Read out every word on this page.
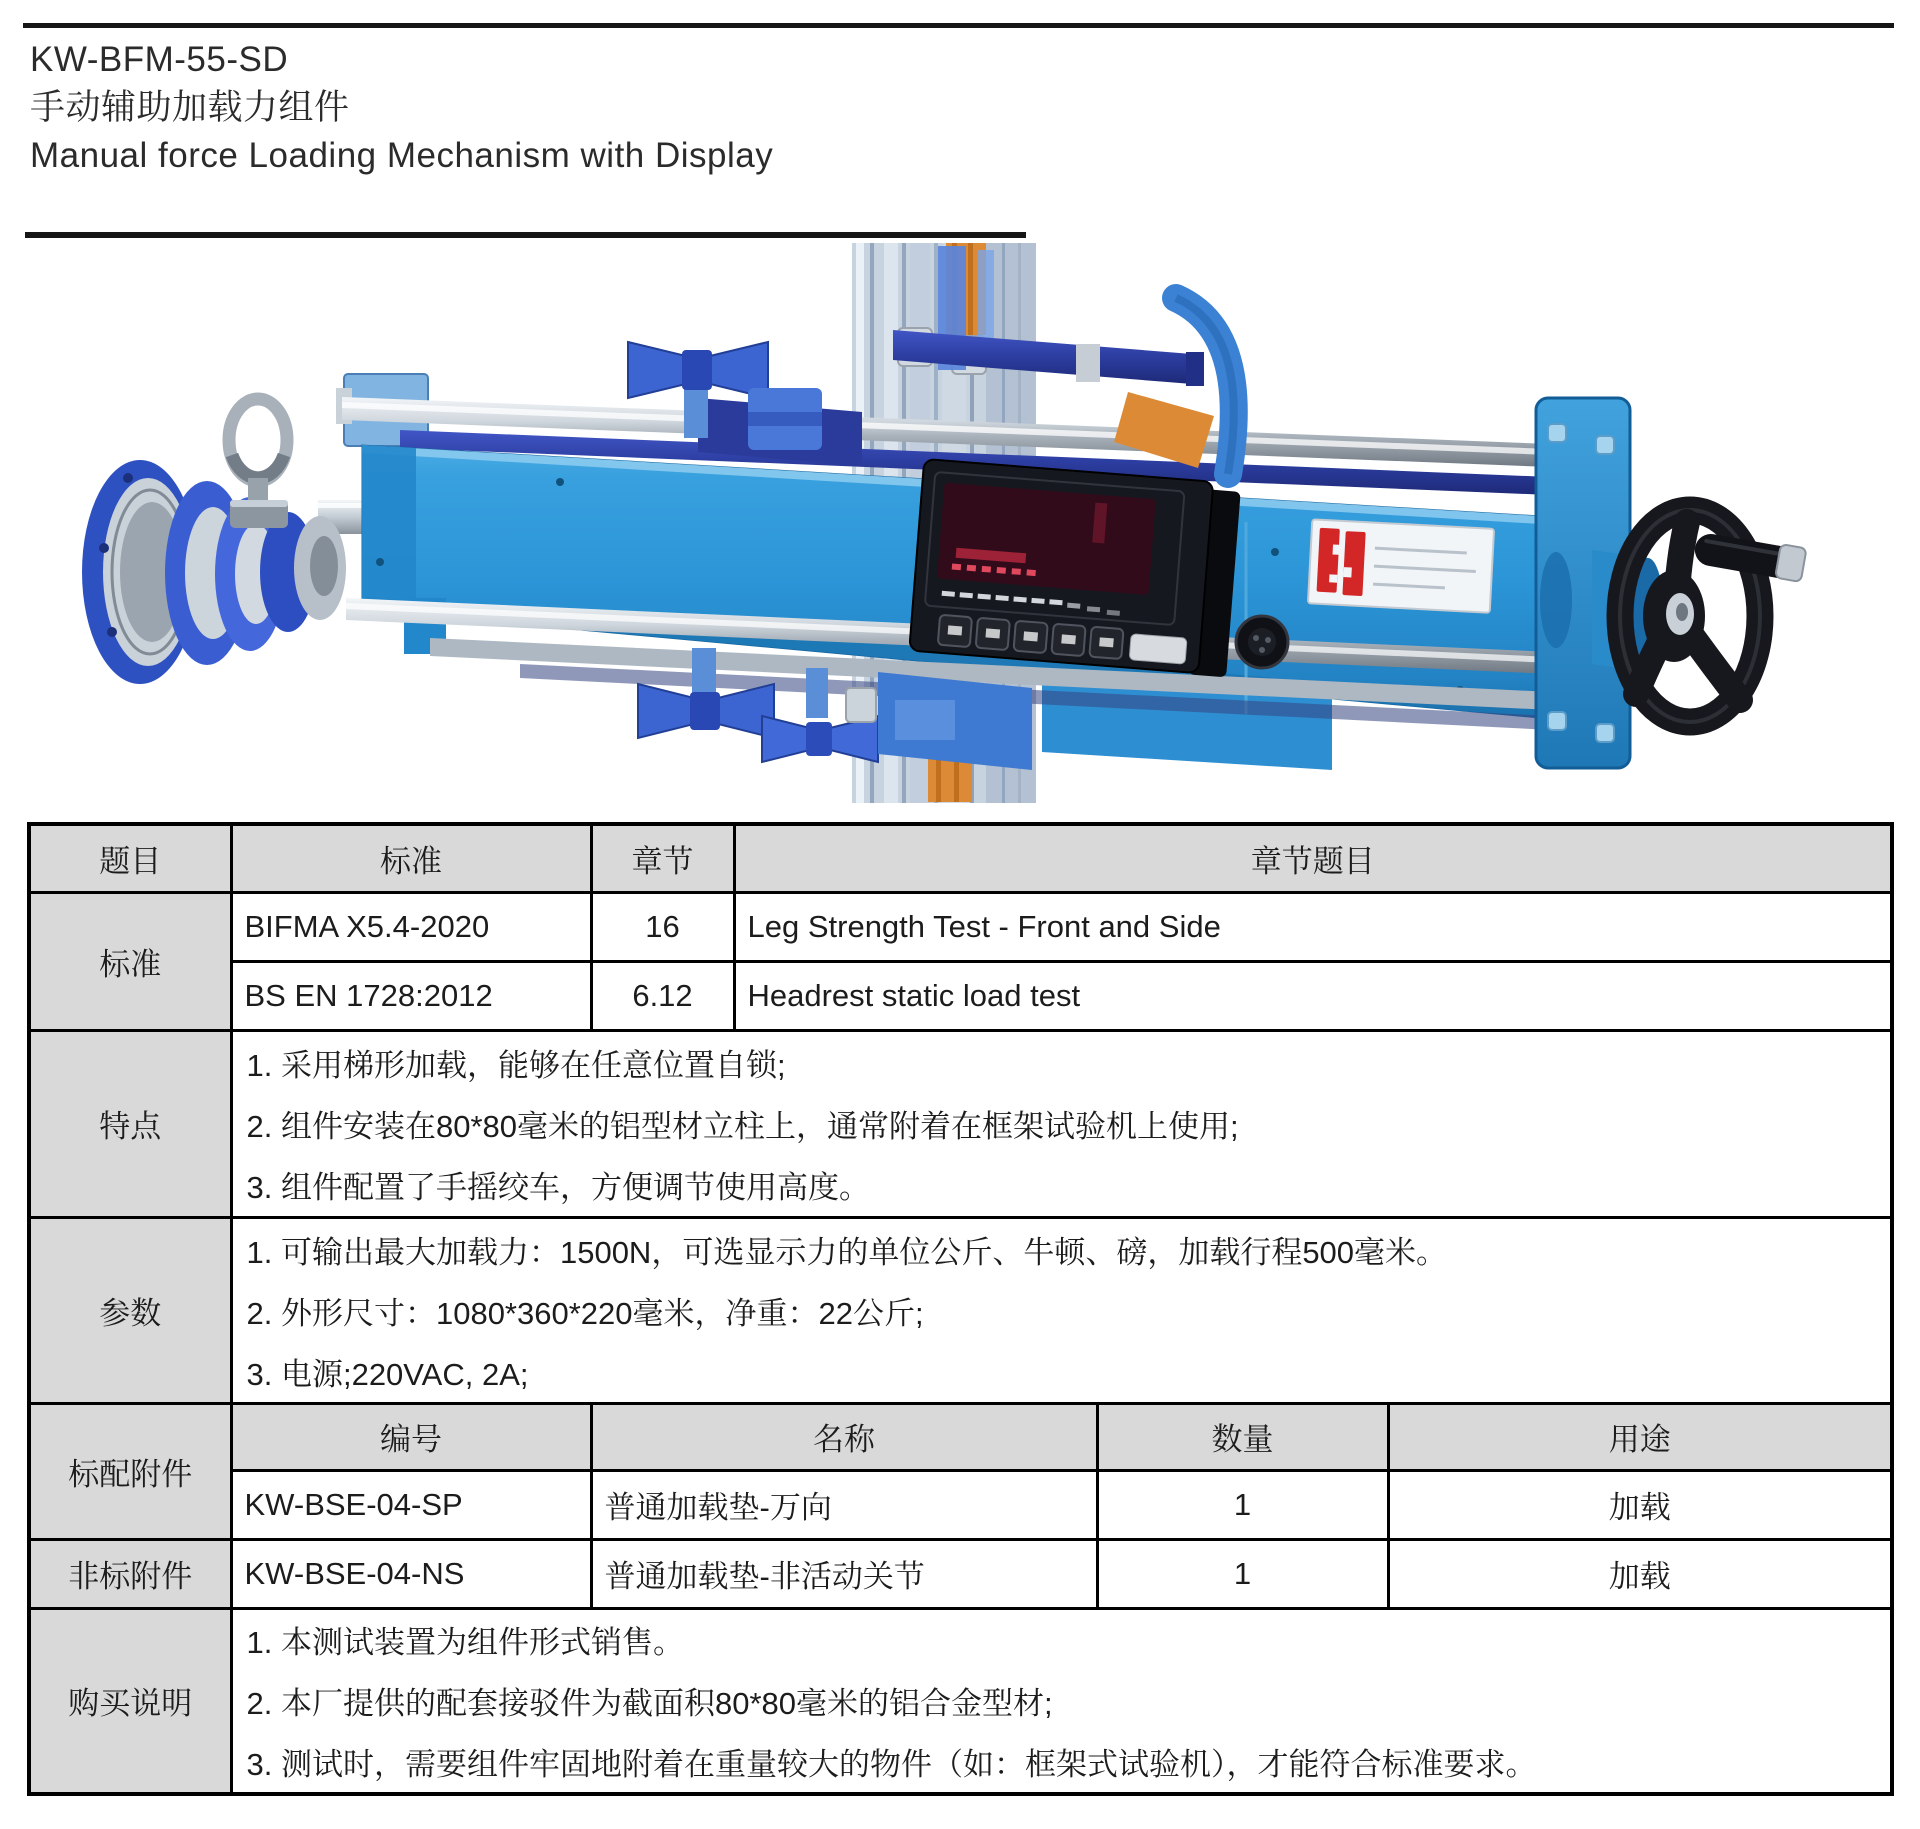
KW-BFM-55-SD
手动辅助加载力组件
Manual force Loading Mechanism with Display
题目	标准	章节	章节题目		
标准	BIFMA X5.4-2020	16	Leg Strength Test - Front and Side		
	BS EN 1728:2012	6.12	Headrest static load test		
特点	1. 采用梯形加载，能够在任意位置自锁;
2. 组件安装在80*80毫米的铝型材立柱上，通常附着在框架试验机上使用;
3. 组件配置了手摇绞车，方便调节使用高度。				

参数	1. 可输出最大加载力：1500N，可选显示力的单位公斤、牛顿、磅，加载行程500毫米。
2. 外形尺寸：1080*360*220毫米，净重：22公斤;
3. 电源;220VAC, 2A;				

标配附件	编号	名称		数量	用途
	KW-BSE-04-SP	普通加载垫-万向		1	加载
非标附件	KW-BSE-04-NS	普通加载垫-非活动关节		1	加载
购买说明	1. 本测试装置为组件形式销售。
2. 本厂提供的配套接驳件为截面积80*80毫米的铝合金型材;
3. 测试时，需要组件牢固地附着在重量较大的物件（如：框架式试验机），才能符合标准要求。				
